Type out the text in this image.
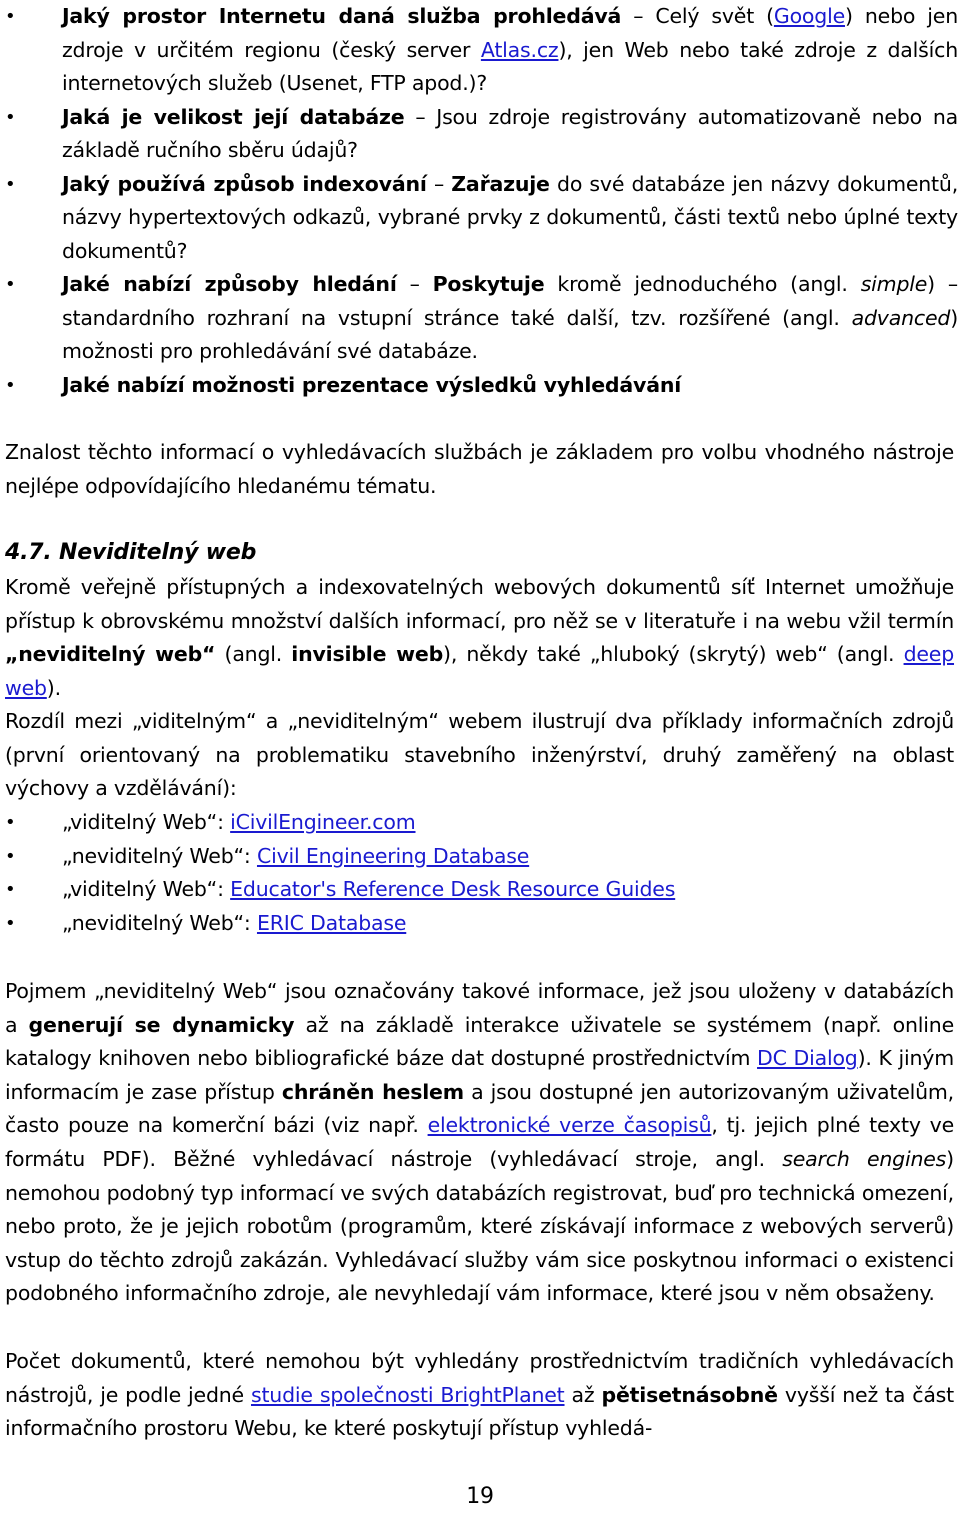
• Jaký prostor Internetu daná služba prohledává – Celý svět (Google) nebo jen zdroje v určitém regionu (český server Atlas.cz), jen Web nebo také zdroje z dalších internetových služeb (Usenet, FTP apod.)?
• Jaká je velikost její databáze – Jsou zdroje registrovány automatizovaně nebo na základě ručního sběru údajů?
• Jaký používá způsob indexování – Zařazuje do své databáze jen názvy dokumentů, názvy hypertextových odkazů, vybrané prvky z dokumentů, části textů nebo úplné texty dokumentů?
• Jaké nabízí způsoby hledání – Poskytuje kromě jednoduchého (angl. simple) – standardního rozhraní na vstupní stránce také další, tzv. rozšířené (angl. advanced) možnosti pro prohledávání své databáze.
• Jaké nabízí možnosti prezentace výsledků vyhledávání

Znalost těchto informací o vyhledávacích službách je základem pro volbu vhodného nástroje nejlépe odpovídajícího hledanému tématu.

4.7. Neviditelný web

Kromě veřejně přístupných a indexovatelných webových dokumentů síť Internet umožňuje přístup k obrovskému množství dalších informací, pro něž se v literatuře i na webu vžil termín „neviditelný web“ (angl. invisible web), někdy také „hluboký (skrytý) web“ (angl. deep web).

Rozdíl mezi „viditelným“ a „neviditelným“ webem ilustrují dva příklady informačních zdrojů (první orientovaný na problematiku stavebního inženýrství, druhý zaměřený na oblast výchovy a vzdělávání):

• „viditelný Web“: iCivilEngineer.com
• „neviditelný Web“: Civil Engineering Database
• „viditelný Web“: Educator's Reference Desk Resource Guides
• „neviditelný Web“: ERIC Database

Pojmem „neviditelný Web“ jsou označovány takové informace, jež jsou uloženy v databázích a generují se dynamicky až na základě interakce uživatele se systémem (např. online katalogy knihoven nebo bibliografické báze dat dostupné prostřednictvím DC Dialog). K jiným informacím je zase přístup chráněn heslem a jsou dostupné jen autorizovaným uživatelům, často pouze na komerční bázi (viz např. elektronické verze časopisů, tj. jejich plné texty ve formátu PDF). Běžné vyhledávací nástroje (vyhledávací stroje, angl. search engines) nemohou podobný typ informací ve svých databázích registrovat, buď pro technická omezení, nebo proto, že je jejich robotům (programům, které získávají informace z webových serverů) vstup do těchto zdrojů zakázán. Vyhledávací služby vám sice poskytnou informaci o existenci podobného informačního zdroje, ale nevyhledají vám informace, které jsou v něm obsaženy.

Počet dokumentů, které nemohou být vyhledány prostřednictvím tradičních vyhledávacích nástrojů, je podle jedné studie společnosti BrightPlanet až pětisetnásobně vyšší než ta část informačního prostoru Webu, ke které poskytují přístup vyhledá-

19
